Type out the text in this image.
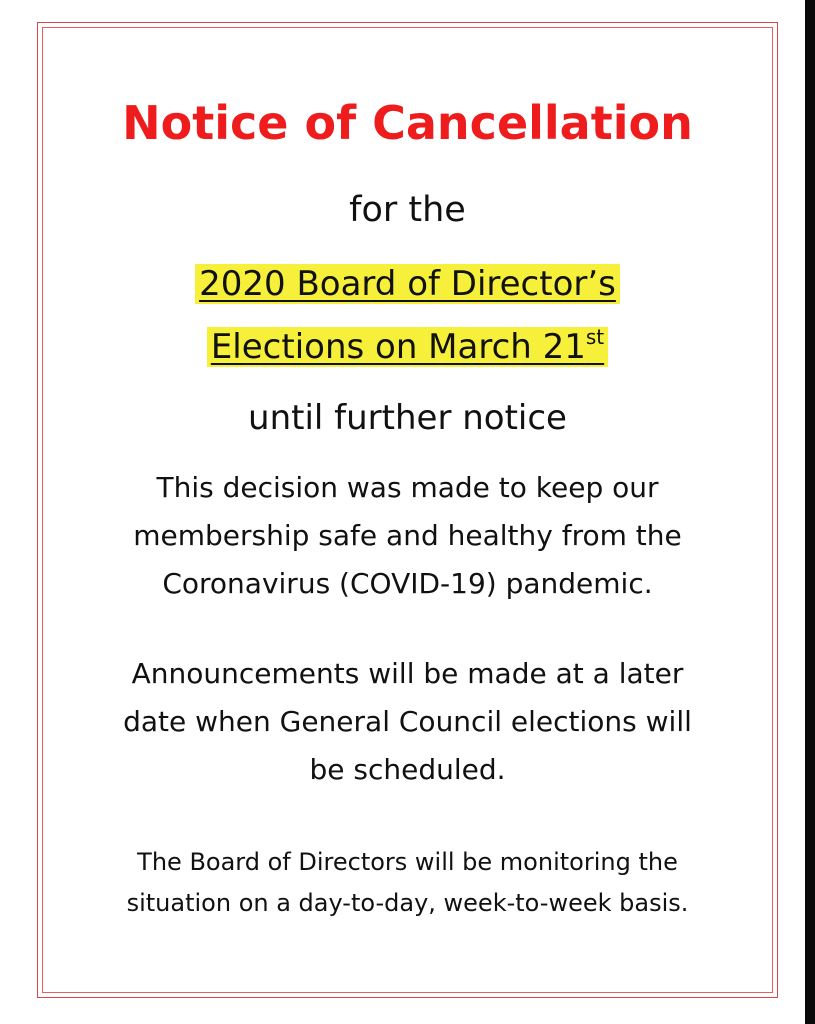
Notice of Cancellation
for the
2020 Board of Director’s
Elections on March 21st
until further notice
This decision was made to keep our
membership safe and healthy from the
Coronavirus (COVID-19) pandemic.
Announcements will be made at a later
date when General Council elections will
be scheduled.
The Board of Directors will be monitoring the
situation on a day-to-day, week-to-week basis.
